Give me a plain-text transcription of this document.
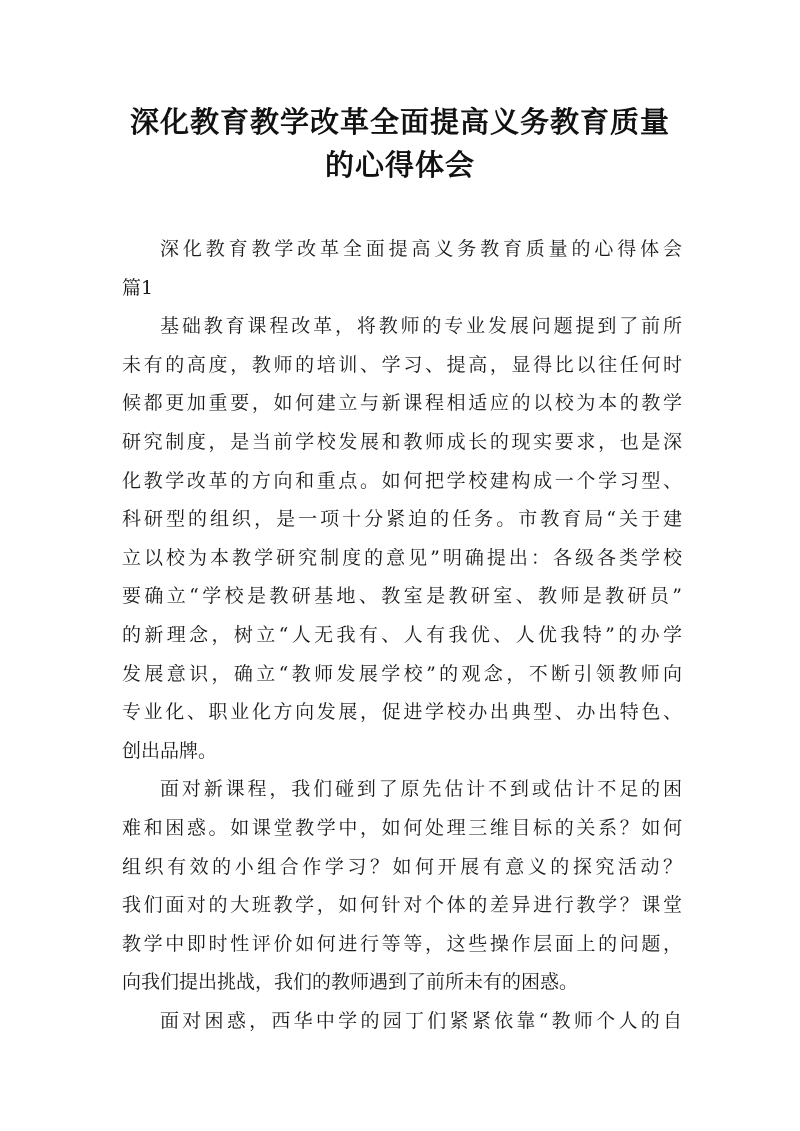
深化教育教学改革全面提高义务教育质量
的心得体会
深化教育教学改革全面提高义务教育质量的心得体会
篇1
基础教育课程改革，将教师的专业发展问题提到了前所
未有的高度，教师的培训、学习、提高，显得比以往任何时
候都更加重要，如何建立与新课程相适应的以校为本的教学
研究制度，是当前学校发展和教师成长的现实要求，也是深
化教学改革的方向和重点。如何把学校建构成一个学习型、
科研型的组织，是一项十分紧迫的任务。市教育局“关于建
立以校为本教学研究制度的意见”明确提出：各级各类学校
要确立“学校是教研基地、教室是教研室、教师是教研员”
的新理念，树立“人无我有、人有我优、人优我特”的办学
发展意识，确立“教师发展学校”的观念，不断引领教师向
专业化、职业化方向发展，促进学校办出典型、办出特色、
创出品牌。
面对新课程，我们碰到了原先估计不到或估计不足的困
难和困惑。如课堂教学中，如何处理三维目标的关系？如何
组织有效的小组合作学习？如何开展有意义的探究活动？
我们面对的大班教学，如何针对个体的差异进行教学？课堂
教学中即时性评价如何进行等等，这些操作层面上的问题，
向我们提出挑战，我们的教师遇到了前所未有的困惑。
面对困惑，西华中学的园丁们紧紧依靠“教师个人的自
